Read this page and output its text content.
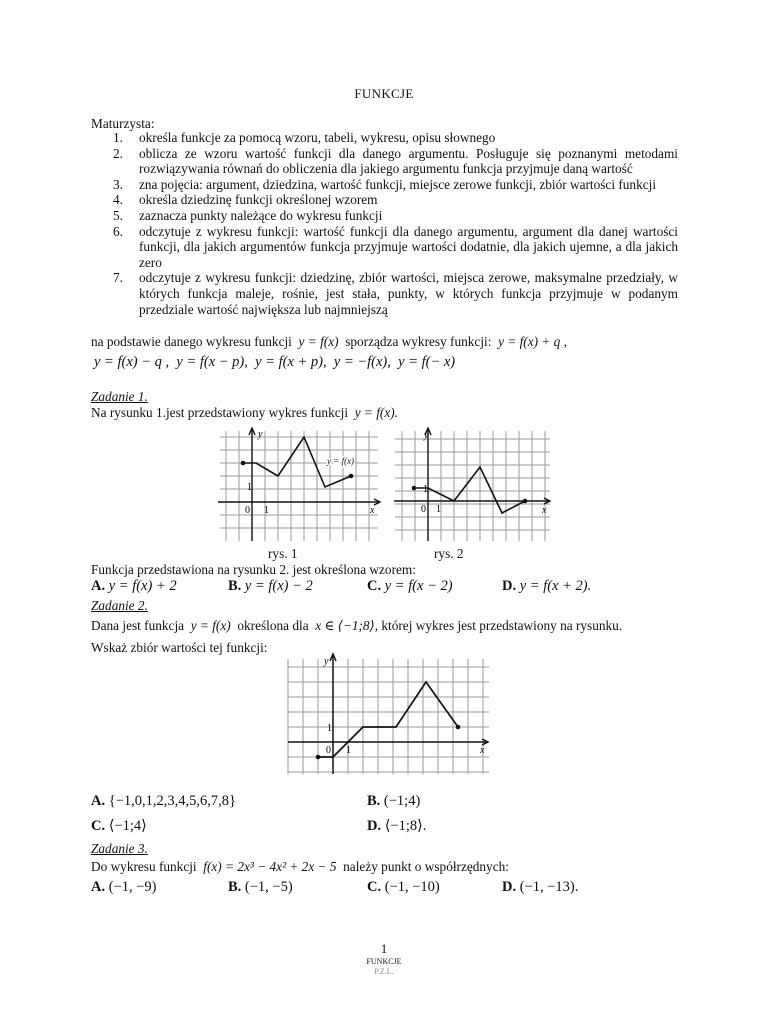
FUNKCJE
Maturzysta:
1. określa funkcje za pomocą wzoru, tabeli, wykresu, opisu słownego
2. oblicza ze wzoru wartość funkcji dla danego argumentu. Posługuje się poznanymi metodami rozwiązywania równań do obliczenia dla jakiego argumentu funkcja przyjmuje daną wartość
3. zna pojęcia: argument, dziedzina, wartość funkcji, miejsce zerowe funkcji, zbiór wartości funkcji
4. określa dziedzinę funkcji określonej wzorem
5. zaznacza punkty należące do wykresu funkcji
6. odczytuje z wykresu funkcji: wartość funkcji dla danego argumentu, argument dla danej wartości funkcji, dla jakich argumentów funkcja przyjmuje wartości dodatnie, dla jakich ujemne, a dla jakich zero
7. odczytuje z wykresu funkcji: dziedzinę, zbiór wartości, miejsca zerowe, maksymalne przedziały, w których funkcja maleje, rośnie, jest stała, punkty, w których funkcja przyjmuje w podanym przedziale wartość największa lub najmniejszą
na podstawie danego wykresu funkcji y = f(x) sporządza wykresy funkcji: y = f(x) + q ,
y = f(x) − q ,  y = f(x − p),  y = f(x + p),  y = −f(x),  y = f(− x)
Zadanie 1.
Na rysunku 1.jest przedstawiony wykres funkcji y = f(x).
y
x
0 1
1
y = f(x)
y
x
0 1
1
rys. 1	rys. 2
Funkcja przedstawiona na rysunku 2. jest określona wzorem:
A. y = f(x) + 2	B. y = f(x) − 2	C. y = f(x − 2)	D. y = f(x + 2).
Zadanie 2.
Dana jest funkcja y = f(x) określona dla x ∈ ⟨−1;8⟩, której wykres jest przedstawiony na rysunku.
Wskaż zbiór wartości tej funkcji:
y
x
0 1
1
A. {−1,0,1,2,3,4,5,6,7,8}	B. (−1;4)
C. ⟨−1;4⟩	D. ⟨−1;8⟩.
Zadanie 3.
Do wykresu funkcji f(x) = 2x³ − 4x² + 2x − 5 należy punkt o współrzędnych:
A. (−1, −9)	B. (−1, −5)	C. (−1, −10)	D. (−1, −13).
1
FUNKCJE
P.Z.L.
